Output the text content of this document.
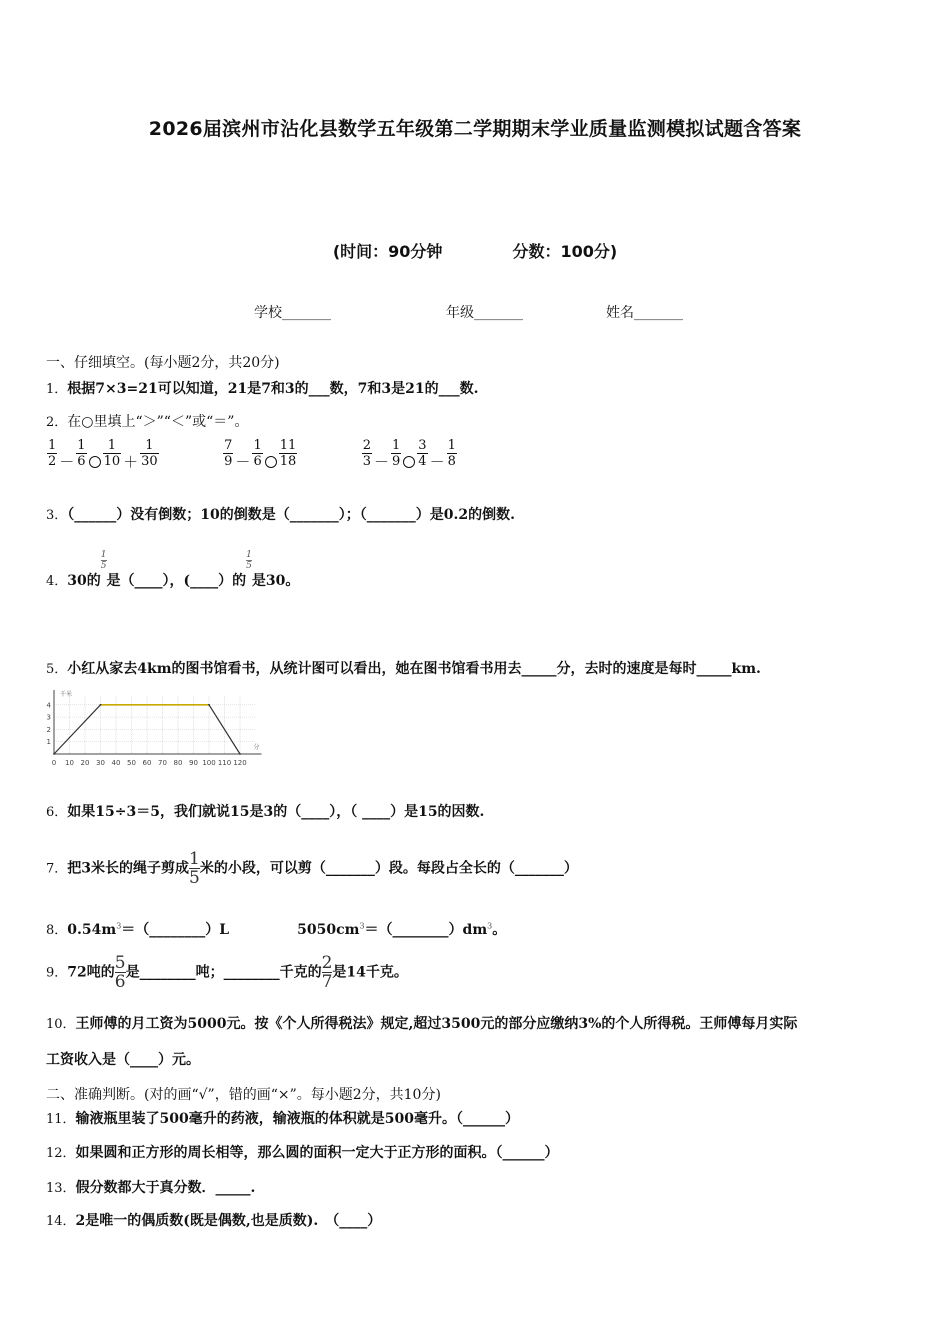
2026届滨州市沾化县数学五年级第二学期期末学业质量监测模拟试题含答案
(时间：90分钟	分数：100分)
学校_______	年级_______	姓名_______
一、仔细填空。(每小题2分，共20分)
1．根据7×3=21可以知道，21是7和3的___数，7和3是21的___数.
2．在○里填上“＞”“＜”或“＝”。
$\frac{1}{2} - \frac{1}{6} \frac{1}{10} + \frac{1}{30}$
	$\frac{7}{9} - \frac{1}{6} \frac{11}{18}$
	$\frac{2}{3} - \frac{1}{9} \frac{3}{4} - \frac{1}{8}$
3．（______）没有倒数；10的倒数是（_______）；（_______）是0.2的倒数.
4．30的$\frac{1}{5}$
是（____），(____）的$\frac{1}{5}$
是30。
5．小红从家去4km的图书馆看书，从统计图可以看出，她在图书馆看书用去_____分，去时的速度是每时_____km.
0 10 20 30 40 50 60 70 80 90 100 110 120
1
2
3
4
千米
分
6．如果15÷3＝5，我们就说15是3的（____），（ ____）是15的因数.
7．把3米长的绳子剪成$\frac{1}{5}$ 米的小段，可以剪（_______）段。每段占全长的（_______）
8．$0.54m^3=(\_\_\_\_\_\_\_\_)L$	$5050cm^3=(\_\_\_\_\_\_\_\_)dm^3$。
9．72吨的$\frac{5}{6}$ 是________吨；________千克的$\frac{2}{7}$ 是14千克。
10．王师傅的月工资为5000元。按《个人所得税法》规定,超过3500元的部分应缴纳3%的个人所得税。王师傅每月实际
工资收入是（____）元。
二、准确判断。(对的画“√”，错的画“×”。每小题2分，共10分)
11．输液瓶里装了500毫升的药液，输液瓶的体积就是500毫升。（______）
12．如果圆和正方形的周长相等，那么圆的面积一定大于正方形的面积。（______）
13．假分数都大于真分数．_____.
14．2是唯一的偶质数(既是偶数,也是质数).　（____）
